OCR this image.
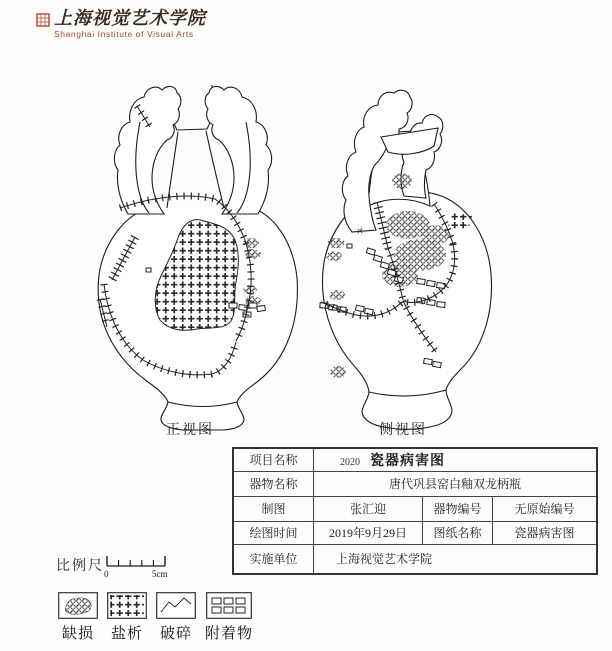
上海视觉艺术学院
Shanghai Institute of Visual Arts
正视图	侧视图
项目名称	2020 瓷器病害图		
器物名称	唐代巩县窑白釉双龙柄瓶		
制图	张汇迎	器物编号	无原始编号
绘图时间	2019年9月29日	图纸名称	瓷器病害图
实施单位	上海视觉艺术学院		
比例尺 0	5cm
缺损 盐析 破碎 附着物
